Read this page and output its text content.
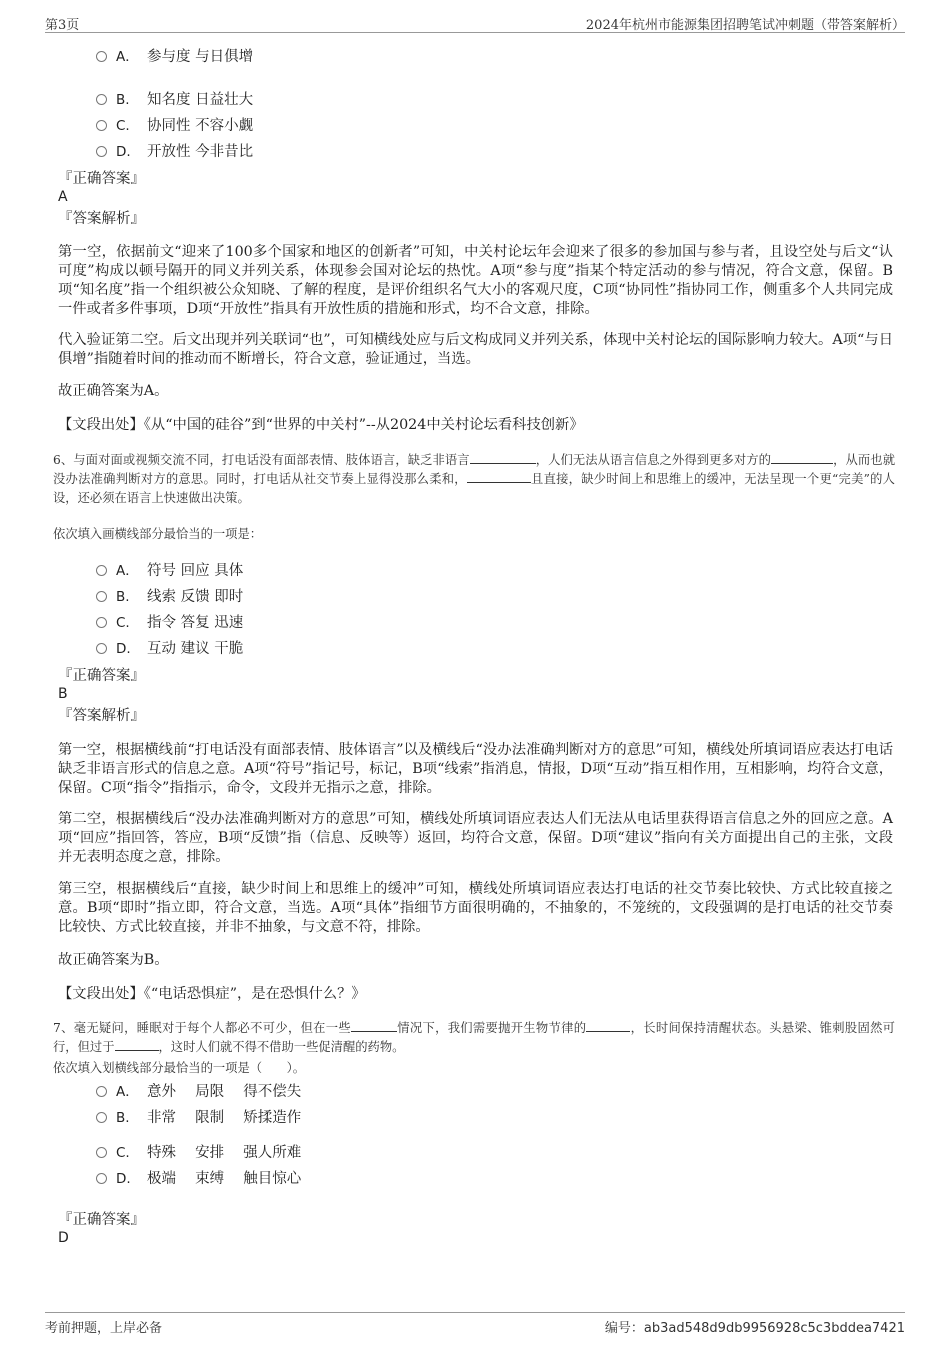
第3页	2024年杭州市能源集团招聘笔试冲刺题（带答案解析）
A． 参与度 与日俱增
B. 知名度 日益壮大
C. 协同性 不容小觑
D. 开放性 今非昔比
『正确答案』
A
『答案解析』

第一空，依据前文“迎来了100多个国家和地区的创新者”可知，中关村论坛年会迎来了很多的参加国与参与者，且设空处与后文“认可度”构成以顿号隔开的同义并列关系，体现参会国对论坛的热忱。A项“参与度”指某个特定活动的参与情况，符合文意，保留。B项“知名度”指一个组织被公众知晓、了解的程度，是评价组织名气大小的客观尺度，C项“协同性”指协同工作，侧重多个人共同完成一件或者多件事项，D项“开放性”指具有开放性质的措施和形式，均不合文意，排除。

代入验证第二空。后文出现并列关联词“也”，可知横线处应与后文构成同义并列关系，体现中关村论坛的国际影响力较大。A项“与日俱增”指随着时间的推动而不断增长，符合文意，验证通过，当选。

故正确答案为A。

【文段出处】《从“中国的硅谷”到“世界的中关村”--从2024中关村论坛看科技创新》

6、与面对面或视频交流不同，打电话没有面部表情、肢体语言，缺乏非语言	，人们无法从语言信息之外得到更多对方的	，从而也就没办法准确判断对方的意思。同时，打电话从社交节奏上显得没那么柔和，	且直接，缺少时间上和思维上的缓冲，无法呈现一个更“完美”的人设，还必须在语言上快速做出决策。

依次填入画横线部分最恰当的一项是：

A． 符号 回应 具体
B. 线索 反馈 即时
C. 指令 答复 迅速
D. 互动 建议 干脆
『正确答案』
B
『答案解析』

第一空，根据横线前“打电话没有面部表情、肢体语言”以及横线后“没办法准确判断对方的意思”可知，横线处所填词语应表达打电话缺乏非语言形式的信息之意。A项“符号”指记号，标记，B项“线索”指消息，情报，D项“互动”指互相作用，互相影响，均符合文意，保留。C项“指令”指指示，命令，文段并无指示之意，排除。

第二空，根据横线后“没办法准确判断对方的意思”可知，横线处所填词语应表达人们无法从电话里获得语言信息之外的回应之意。A项“回应”指回答，答应，B项“反馈”指（信息、反映等）返回，均符合文意，保留。D项“建议”指向有关方面提出自己的主张，文段并无表明态度之意，排除。

第三空，根据横线后“直接，缺少时间上和思维上的缓冲”可知，横线处所填词语应表达打电话的社交节奏比较快、方式比较直接之意。B项“即时”指立即，符合文意，当选。A项“具体”指细节方面很明确的，不抽象的，不笼统的，文段强调的是打电话的社交节奏比较快、方式比较直接，并非不抽象，与文意不符，排除。

故正确答案为B。

【文段出处】《“电话恐惧症”，是在恐惧什么？》

7、毫无疑问，睡眠对于每个人都必不可少，但在一些	情况下，我们需要抛开生物节律的	，长时间保持清醒状态。头悬梁、锥刺股固然可行，但过于	，这时人们就不得不借助一些促清醒的药物。

依次填入划横线部分最恰当的一项是（　　）。

A． 意外　 局限　 得不偿失
B. 非常　 限制　 矫揉造作
C. 特殊　 安排　 强人所难
D. 极端　 束缚　 触目惊心
『正确答案』
D
考前押题，上岸必备	编号：ab3ad548d9db9956928c5c3bddea7421
